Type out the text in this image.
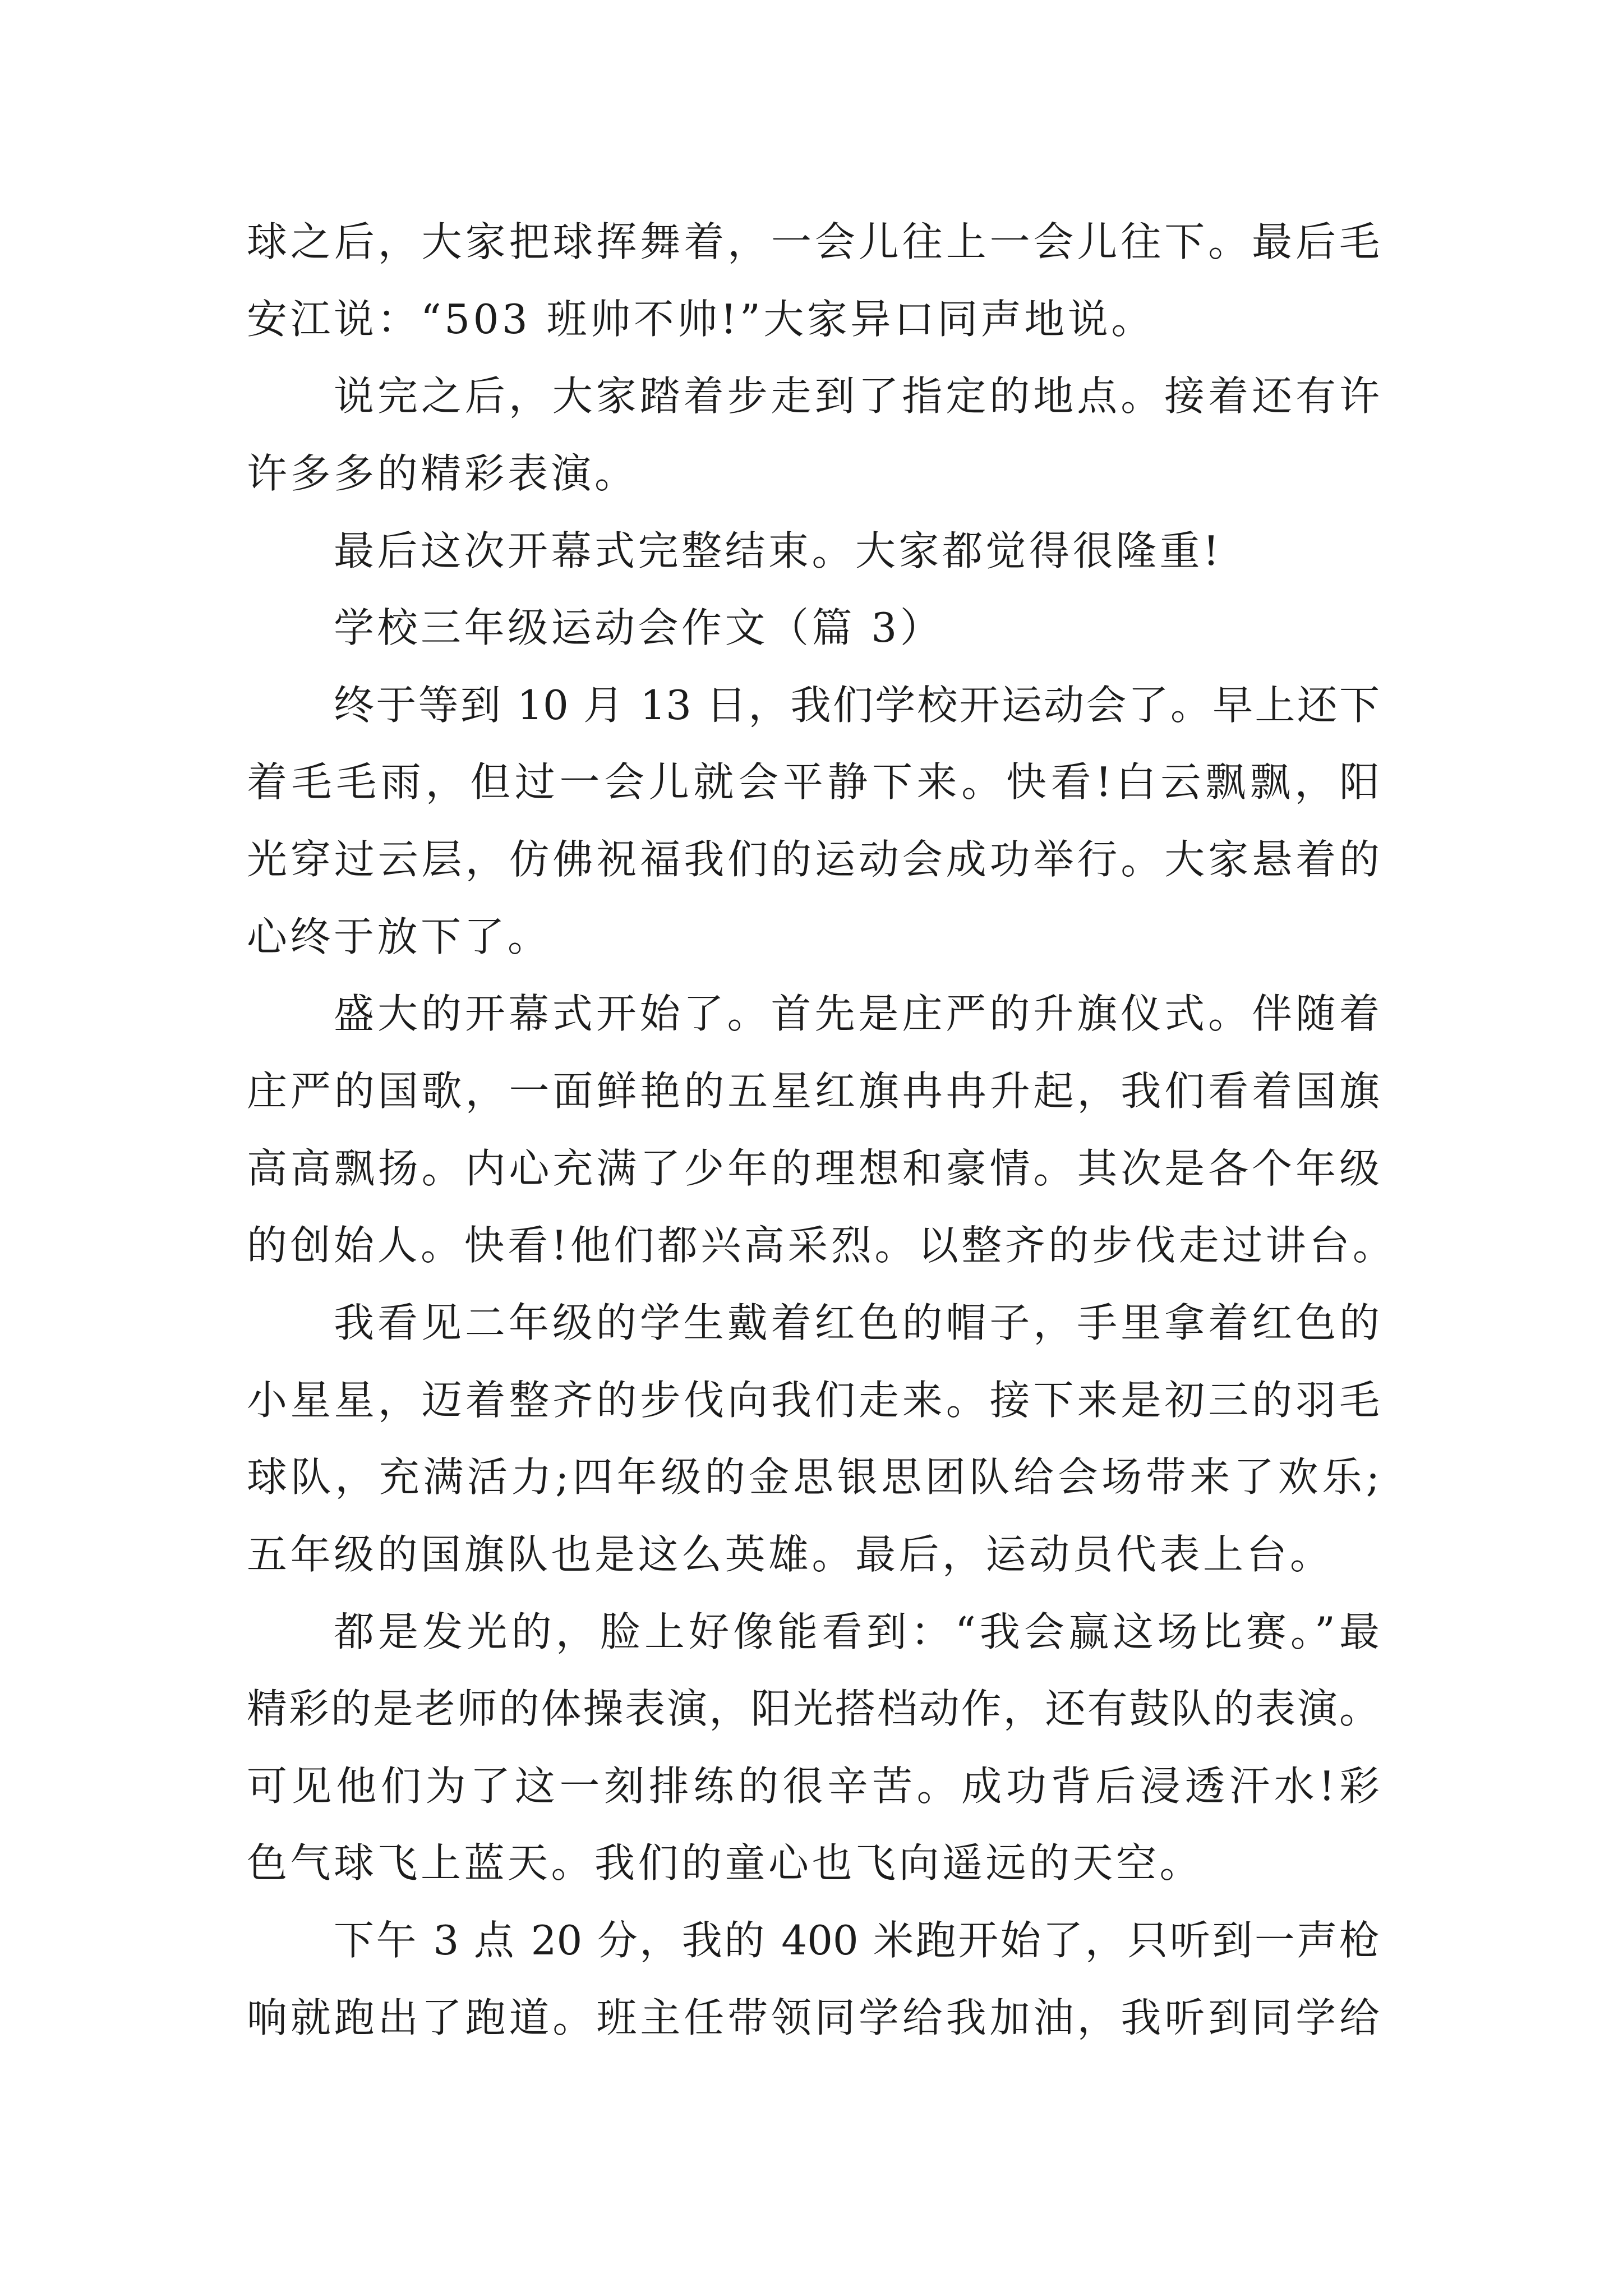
球之后，大家把球挥舞着，一会儿往上一会儿往下。最后毛
安江说：“503 班帅不帅!”大家异口同声地说。
说完之后，大家踏着步走到了指定的地点。接着还有许
许多多的精彩表演。
最后这次开幕式完整结束。大家都觉得很隆重!
学校三年级运动会作文（篇 3）
终于等到 10 月 13 日，我们学校开运动会了。早上还下
着毛毛雨，但过一会儿就会平静下来。快看!白云飘飘，阳
光穿过云层，仿佛祝福我们的运动会成功举行。大家悬着的
心终于放下了。
盛大的开幕式开始了。首先是庄严的升旗仪式。伴随着
庄严的国歌，一面鲜艳的五星红旗冉冉升起，我们看着国旗
高高飘扬。内心充满了少年的理想和豪情。其次是各个年级
的创始人。快看!他们都兴高采烈。以整齐的步伐走过讲台。
我看见二年级的学生戴着红色的帽子，手里拿着红色的
小星星，迈着整齐的步伐向我们走来。接下来是初三的羽毛
球队，充满活力;四年级的金思银思团队给会场带来了欢乐;
五年级的国旗队也是这么英雄。最后，运动员代表上台。
都是发光的，脸上好像能看到：“我会赢这场比赛。”最
精彩的是老师的体操表演，阳光搭档动作，还有鼓队的表演。
可见他们为了这一刻排练的很辛苦。成功背后浸透汗水!彩
色气球飞上蓝天。我们的童心也飞向遥远的天空。
下午 3 点 20 分，我的 400 米跑开始了，只听到一声枪
响就跑出了跑道。班主任带领同学给我加油，我听到同学给
